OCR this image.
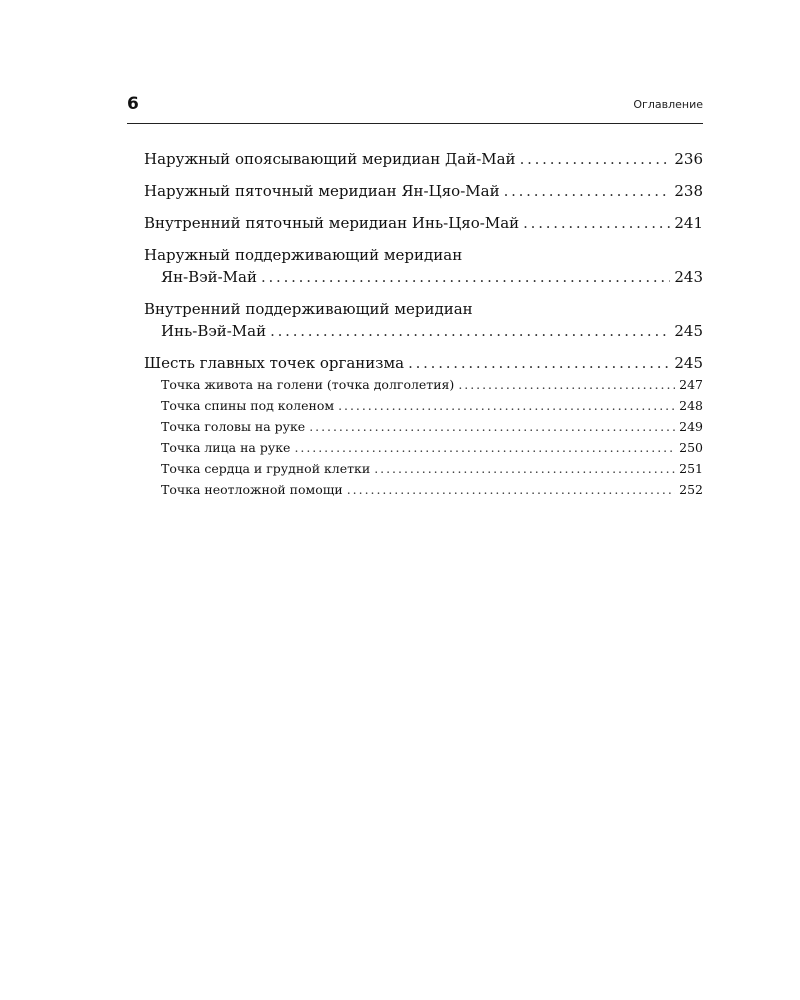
6	Оглавление
Наружный опоясывающий меридиан Дай-Май . . .	236
Наружный пяточный меридиан Ян-Цяо-Май . . .	238
Внутренний пяточный меридиан Инь-Цяо-Май . . .	241
Наружный поддерживающий меридиан
Ян-Вэй-Май . . .	243
Внутренний поддерживающий меридиан
Инь-Вэй-Май . . .	245
Шесть главных точек организма . . .	245
Точка живота на голени (точка долголетия) . . .	247
Точка спины под коленом . . .	248
Точка головы на руке . . .	249
Точка лица на руке . . .	250
Точка сердца и грудной клетки . . .	251
Точка неотложной помощи . . .	252
